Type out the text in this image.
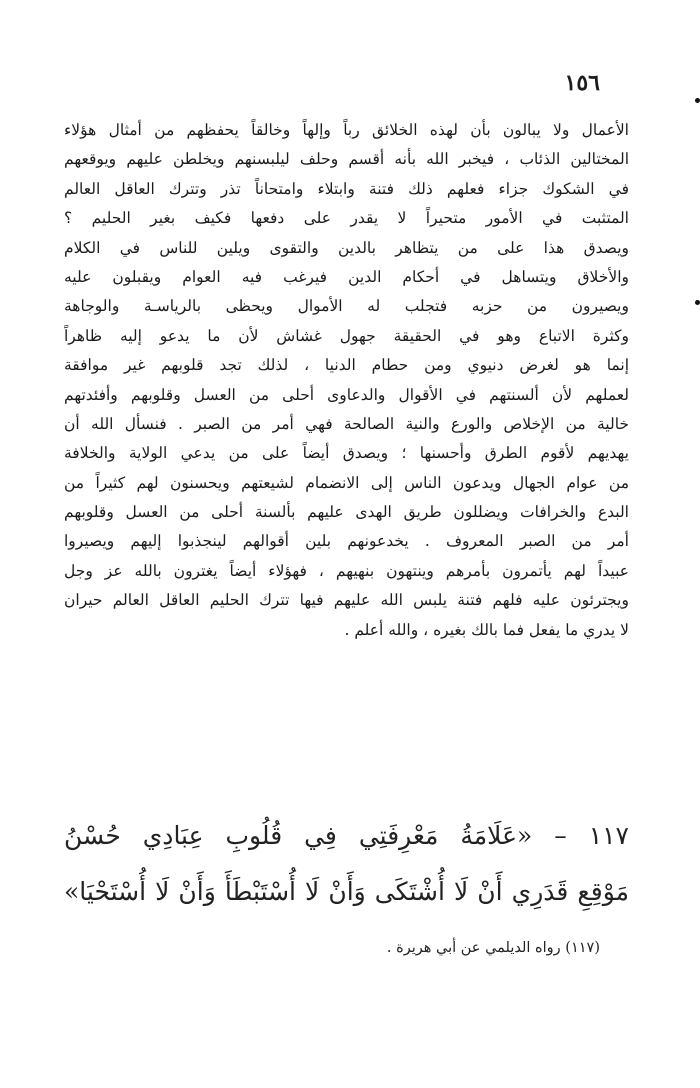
١٥٦
الأعمال ولا يبالون بأن لهذه الخلائق رباً وإلهاً وخالقاً يحفظهم من أمثال هؤلاء
المختالين الذئاب ، فيخبر الله بأنه أقسم وحلف ليلبسنهم ويخلطن عليهم ويوقعهم
في الشكوك جزاء فعلهم ذلك فتنة وابتلاء وامتحاناً تذر وتترك العاقل العالم
المتثبت في الأمور متحيراً لا يقدر على دفعها فكيف بغير الحليم ؟
ويصدق هذا على من يتظاهر بالدين والتقوى ويلين للناس في الكلام
والأخلاق ويتساهل في أحكام الدين فيرغب فيه العوام ويقبلون عليه
ويصيرون من حزبه فتجلب له الأموال ويحظى بالرياسـة والوجاهة
وكثرة الاتباع وهو في الحقيقة جهول غشاش لأن ما يدعو إليه ظاهراً
إنما هو لغرض دنيوي ومن حطام الدنيا ، لذلك تجد قلوبهم غير موافقة
لعملهم لأن ألسنتهم في الأقوال والدعاوى أحلى من العسل وقلوبهم وأفئدتهم
خالية من الإخلاص والورع والنية الصالحة فهي أمر من الصبر . فنسأل الله أن
يهديهم لأقوم الطرق وأحسنها ؛ ويصدق أيضاً على من يدعي الولاية والخلافة
من عوام الجهال ويدعون الناس إلى الانضمام لشيعتهم ويحسنون لهم كثيراً من
البدع والخرافات ويضللون طريق الهدى عليهم بألسنة أحلى من العسل وقلوبهم
أمر من الصبر المعروف . يخدعونهم بلين أقوالهم لينجذبوا إليهم ويصيروا
عبيداً لهم يأتمرون بأمرهم وينتهون بنهيهم ، فهؤلاء أيضاً يغترون بالله عز وجل
ويجترئون عليه فلهم فتنة يلبس الله عليهم فيها تترك الحليم العاقل العالم حيران
لا يدري ما يفعل فما بالك بغيره ، والله أعلم .
١١٧ – «عَلَامَةُ مَعْرِفَتِي فِي قُلُوبِ عِبَادِي حُسْنُ
مَوْقِعِ قَدَرِي أَنْ لَا أُشْتَكَى وَأَنْ لَا أُسْتَبْطَأَ وَأَنْ لَا أُسْتَحْيَا»
(١١٧) رواه الديلمي عن أبي هريرة .
